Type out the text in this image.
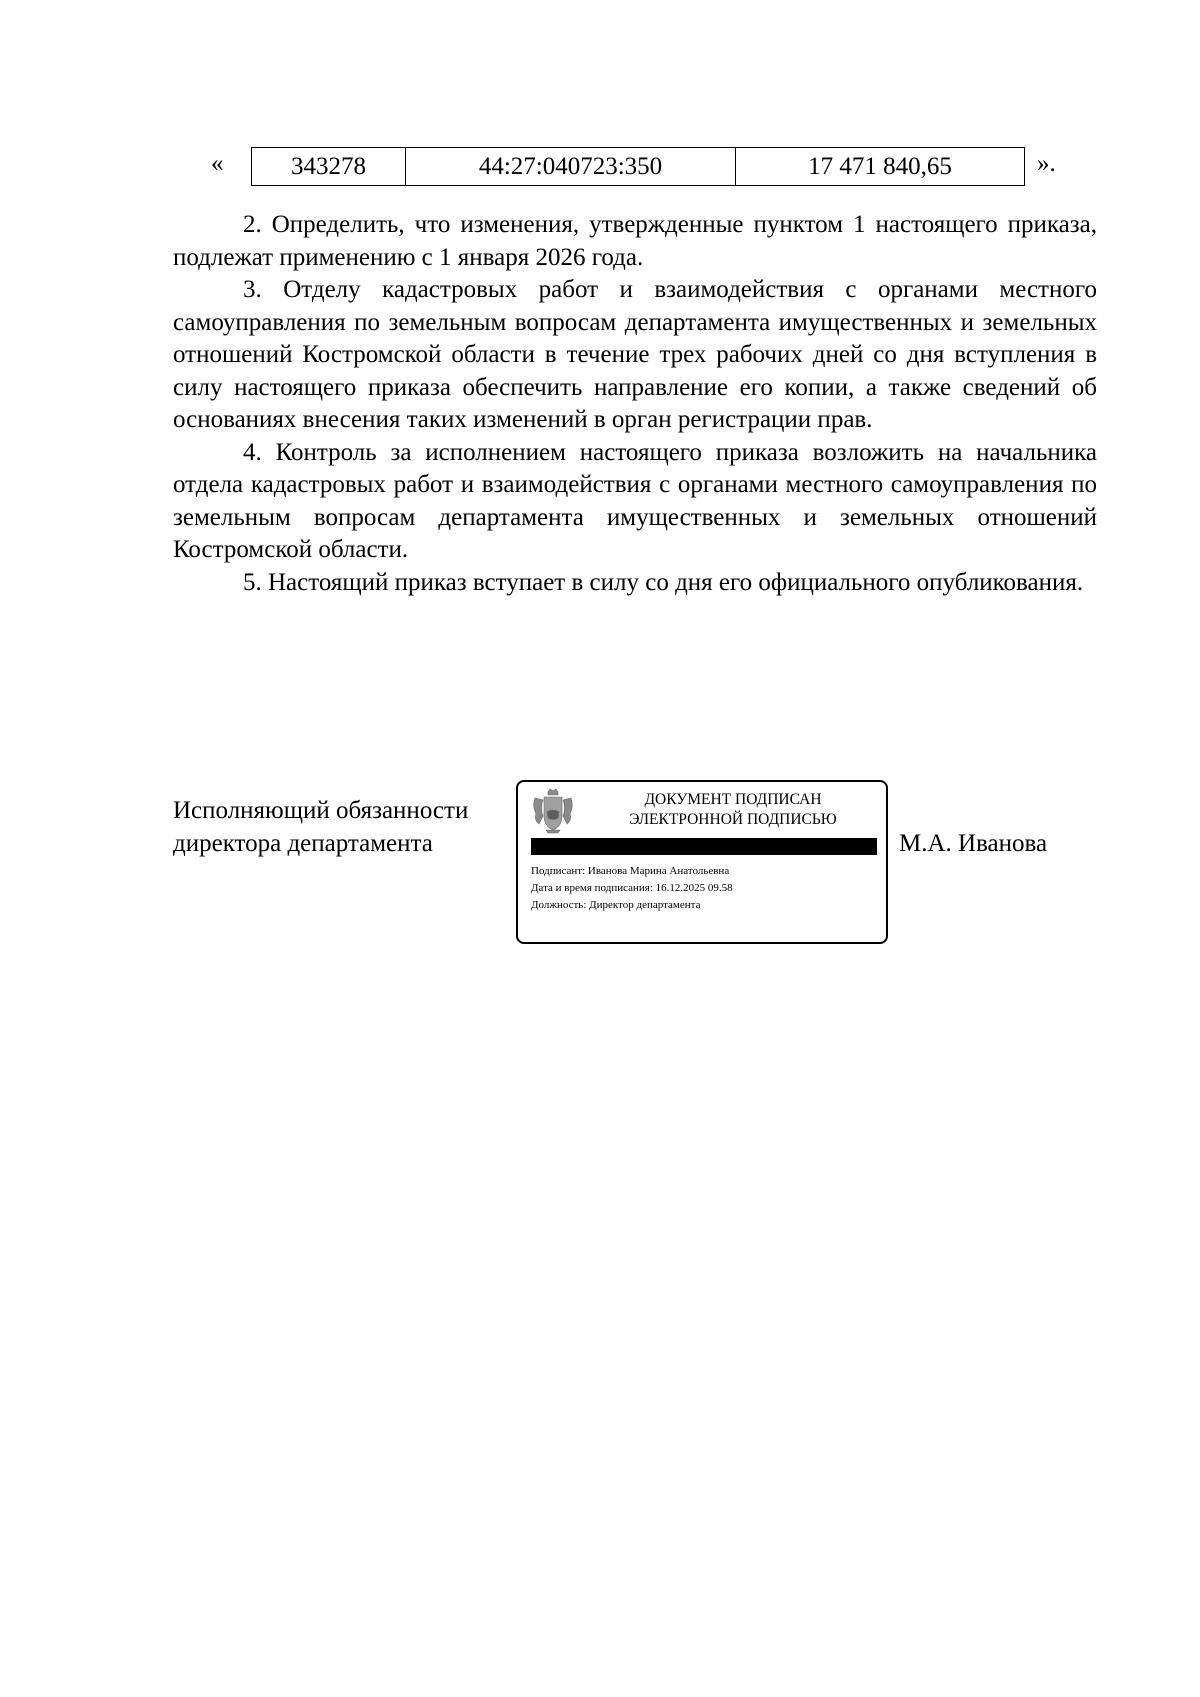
«	343278	44:27:040723:350	17 471 840,65	».

2. Определить, что изменения, утвержденные пунктом 1 настоящего приказа, подлежат применению с 1 января 2026 года.

3. Отделу кадастровых работ и взаимодействия с органами местного самоуправления по земельным вопросам департамента имущественных и земельных отношений Костромской области в течение трех рабочих дней со дня вступления в силу настоящего приказа обеспечить направление его копии, а также сведений об основаниях внесения таких изменений в орган регистрации прав.

4. Контроль за исполнением настоящего приказа возложить на начальника отдела кадастровых работ и взаимодействия с органами местного самоуправления по земельным вопросам департамента имущественных и земельных отношений Костромской области.

5. Настоящий приказ вступает в силу со дня его официального опубликования.

Исполняющий обязанности
директора департамента
ДОКУМЕНТ ПОДПИСАН
ЭЛЕКТРОННОЙ ПОДПИСЬЮ
Подписант: Иванова Марина Анатольевна
Дата и время подписания: 16.12.2025 09.58
Должность: Директор департамента
М.А. Иванова
